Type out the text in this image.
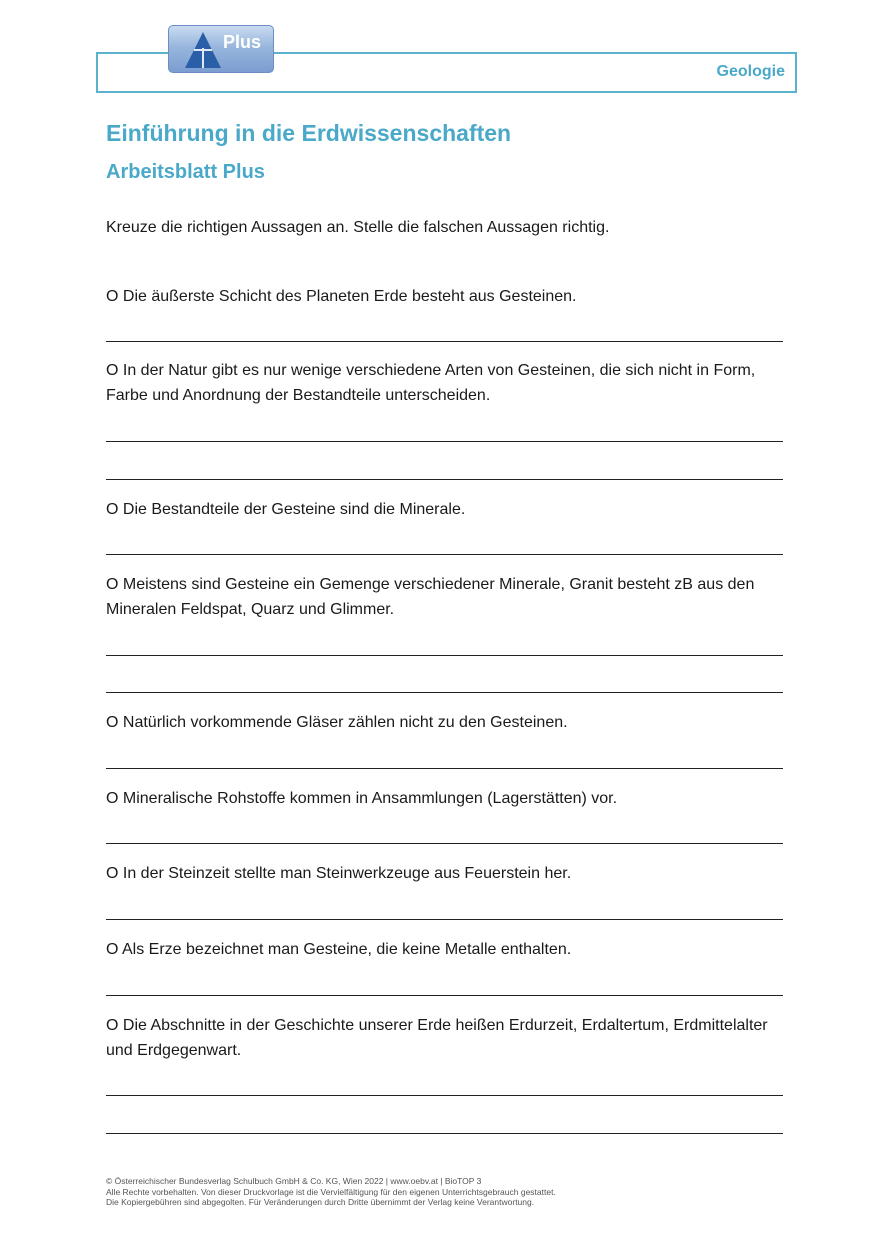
Geologie
Plus
Einführung in die Erdwissenschaften
Arbeitsblatt Plus
Kreuze die richtigen Aussagen an. Stelle die falschen Aussagen richtig.
O Die äußerste Schicht des Planeten Erde besteht aus Gesteinen.
O In der Natur gibt es nur wenige verschiedene Arten von Gesteinen, die sich nicht in Form, Farbe und Anordnung der Bestandteile unterscheiden.
O Die Bestandteile der Gesteine sind die Minerale.
O Meistens sind Gesteine ein Gemenge verschiedener Minerale, Granit besteht zB aus den Mineralen Feldspat, Quarz und Glimmer.
O Natürlich vorkommende Gläser zählen nicht zu den Gesteinen.
O Mineralische Rohstoffe kommen in Ansammlungen (Lagerstätten) vor.
O In der Steinzeit stellte man Steinwerkzeuge aus Feuerstein her.
O Als Erze bezeichnet man Gesteine, die keine Metalle enthalten.
O Die Abschnitte in der Geschichte unserer Erde heißen Erdurzeit, Erdaltertum, Erdmittelalter und Erdgegenwart.
© Österreichischer Bundesverlag Schulbuch GmbH & Co. KG, Wien 2022 | www.oebv.at | BioTOP 3
Alle Rechte vorbehalten. Von dieser Druckvorlage ist die Vervielfältigung für den eigenen Unterrichtsgebrauch gestattet.
Die Kopiergebühren sind abgegolten. Für Veränderungen durch Dritte übernimmt der Verlag keine Verantwortung.
